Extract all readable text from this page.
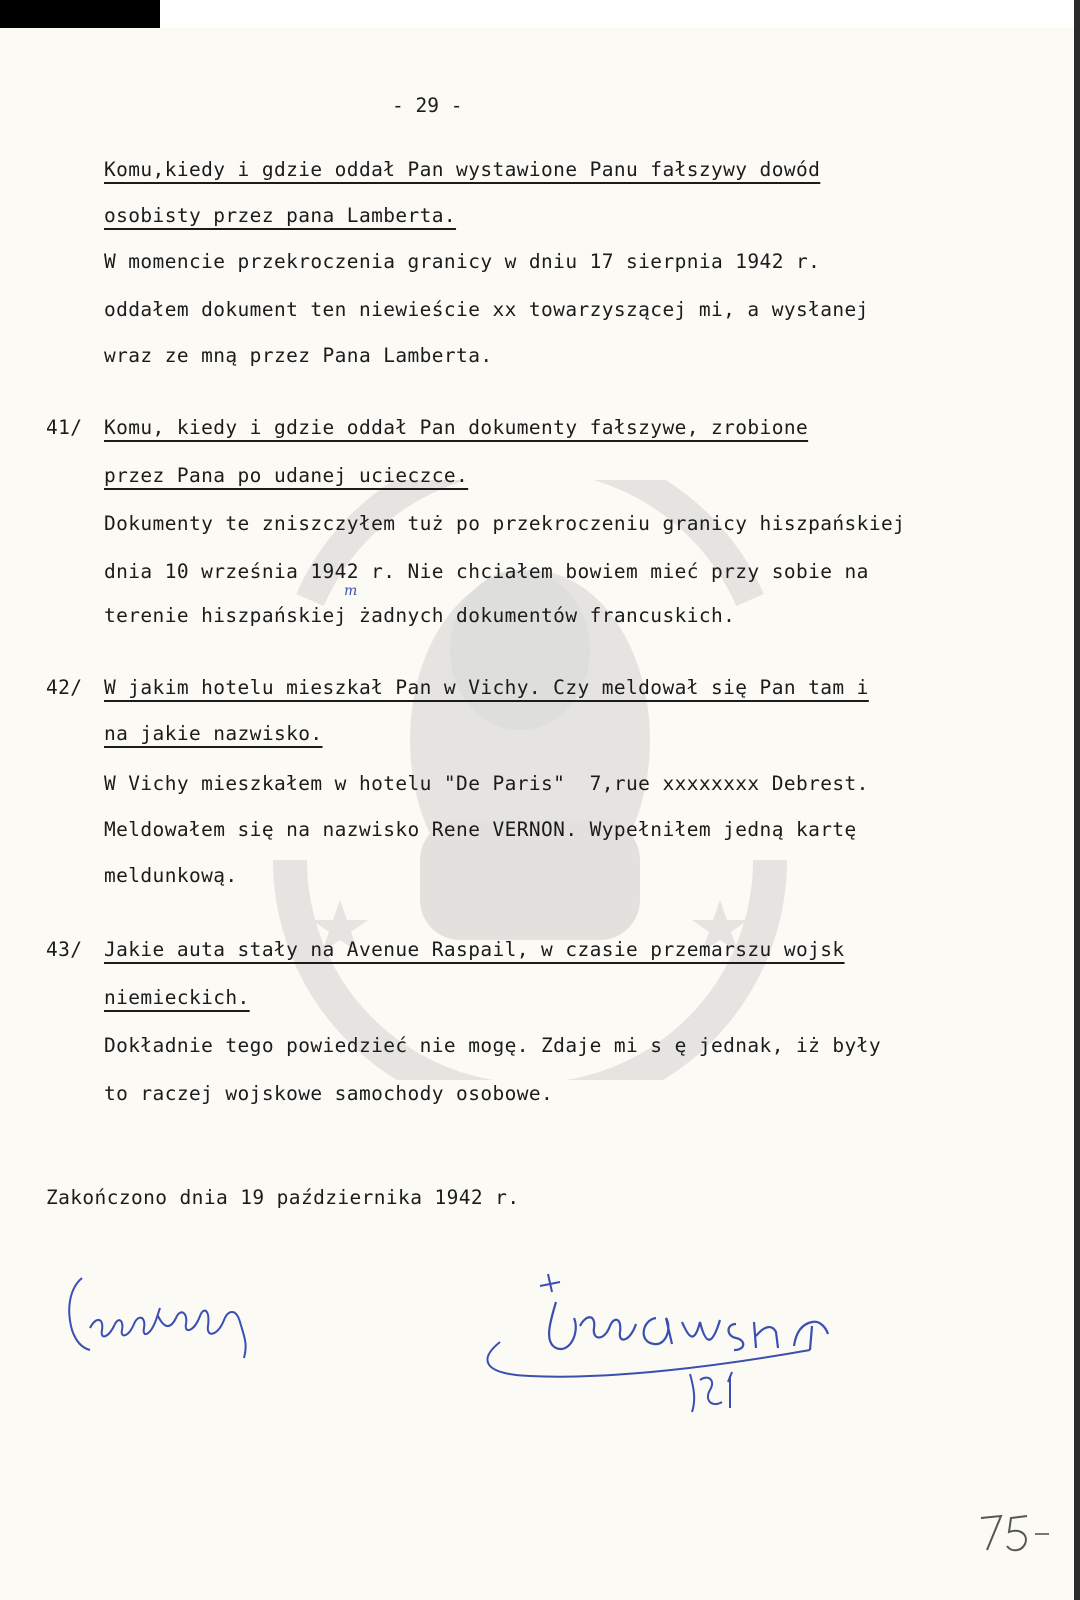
- 29 -
Komu,kiedy i gdzie oddał Pan wystawione Panu fałszywy dowód
osobisty przez pana Lamberta.
W momencie przekroczenia granicy w dniu 17 sierpnia 1942 r.
oddałem dokument ten niewieście xx towarzyszącej mi, a wysłanej
wraz ze mną przez Pana Lamberta.
41/ Komu, kiedy i gdzie oddał Pan dokumenty fałszywe, zrobione
przez Pana po udanej ucieczce.
Dokumenty te zniszczyłem tuż po przekroczeniu granicy hiszpańskiej
dnia 10 września 1942 r. Nie chciałem bowiem mieć przy sobie na
terenie hiszpańskiej żadnych dokumentów francuskich.
m
42/ W jakim hotelu mieszkał Pan w Vichy. Czy meldował się Pan tam i
na jakie nazwisko.
W Vichy mieszkałem w hotelu "De Paris"  7,rue xxxxxxxx Debrest.
Meldowałem się na nazwisko Rene VERNON. Wypełniłem jedną kartę
meldunkową.
43/ Jakie auta stały na Avenue Raspail, w czasie przemarszu wojsk
niemieckich.
Dokładnie tego powiedzieć nie mogę. Zdaje mi s ę jednak, iż były
to raczej wojskowe samochody osobowe.
Zakończono dnia 19 października 1942 r.
